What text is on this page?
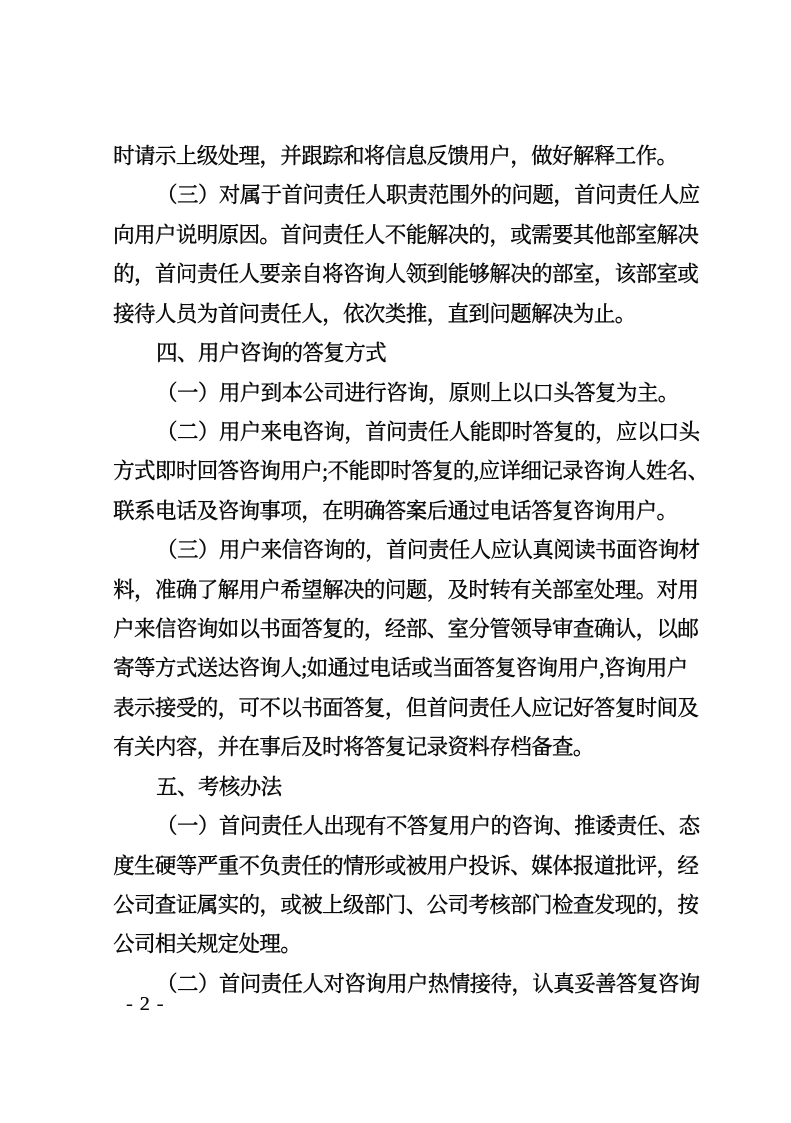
时请示上级处理，并跟踪和将信息反馈用户，做好解释工作。
（三）对属于首问责任人职责范围外的问题，首问责任人应
向用户说明原因。首问责任人不能解决的，或需要其他部室解决
的，首问责任人要亲自将咨询人领到能够解决的部室，该部室或
接待人员为首问责任人，依次类推，直到问题解决为止。
四、用户咨询的答复方式
（一）用户到本公司进行咨询，原则上以口头答复为主。
（二）用户来电咨询，首问责任人能即时答复的，应以口头
方式即时回答咨询用户;不能即时答复的,应详细记录咨询人姓名、
联系电话及咨询事项，在明确答案后通过电话答复咨询用户。
（三）用户来信咨询的，首问责任人应认真阅读书面咨询材
料，准确了解用户希望解决的问题，及时转有关部室处理。对用
户来信咨询如以书面答复的，经部、室分管领导审查确认，以邮
寄等方式送达咨询人;如通过电话或当面答复咨询用户,咨询用户
表示接受的，可不以书面答复，但首问责任人应记好答复时间及
有关内容，并在事后及时将答复记录资料存档备查。
五、考核办法
（一）首问责任人出现有不答复用户的咨询、推诿责任、态
度生硬等严重不负责任的情形或被用户投诉、媒体报道批评，经
公司查证属实的，或被上级部门、公司考核部门检查发现的，按
公司相关规定处理。
（二）首问责任人对咨询用户热情接待，认真妥善答复咨询
- 2 -
